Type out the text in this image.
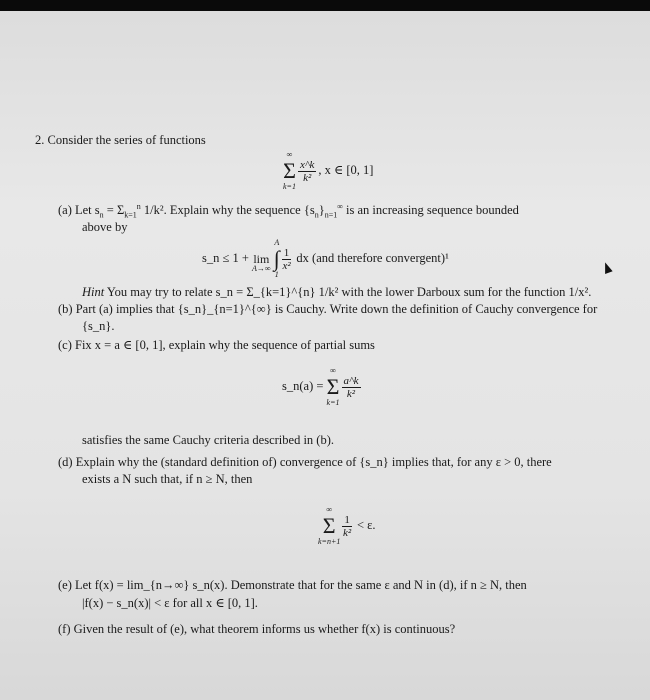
2. Consider the series of functions
∞
Σ
k=1
$\frac{x\^{}k}{\text{k²}}$ , x ∈ [0, 1]
(a) Let $s_n = \Sigma_{k=1}^n$ 1/k². Explain why the sequence $\{s_n\}_{n=1}^\infty$ is an increasing sequence bounded
above by
s_n ≤ 1 +
lim
A→∞

A
∫
1
$\frac{1}{\text{x²}}$ dx (and therefore convergent)¹
Hint You may try to relate s_n = Σ_{k=1}^{n} 1/k² with the lower Darboux sum for the function 1/x².
(b) Part (a) implies that {s_n}_{n=1}^{∞} is Cauchy. Write down the definition of Cauchy convergence for
{s_n}.
(c) Fix x = a ∈ [0, 1], explain why the sequence of partial sums
s_n(a) =
∞
Σ
k=1
$\frac{a\^{}k}{\text{k²}}$
satisfies the same Cauchy criteria described in (b).
(d) Explain why the (standard definition of) convergence of {s_n} implies that, for any ε > 0, there
exists a N such that, if n ≥ N, then
∞
Σ
k=n+1
$\frac{1}{\text{k²}} < \varepsilon$.
(e) Let f(x) = lim_{n→∞} s_n(x). Demonstrate that for the same ε and N in (d), if n ≥ N, then
|f(x) − s_n(x)| < ε for all x ∈ [0, 1].
(f) Given the result of (e), what theorem informs us whether f(x) is continuous?
